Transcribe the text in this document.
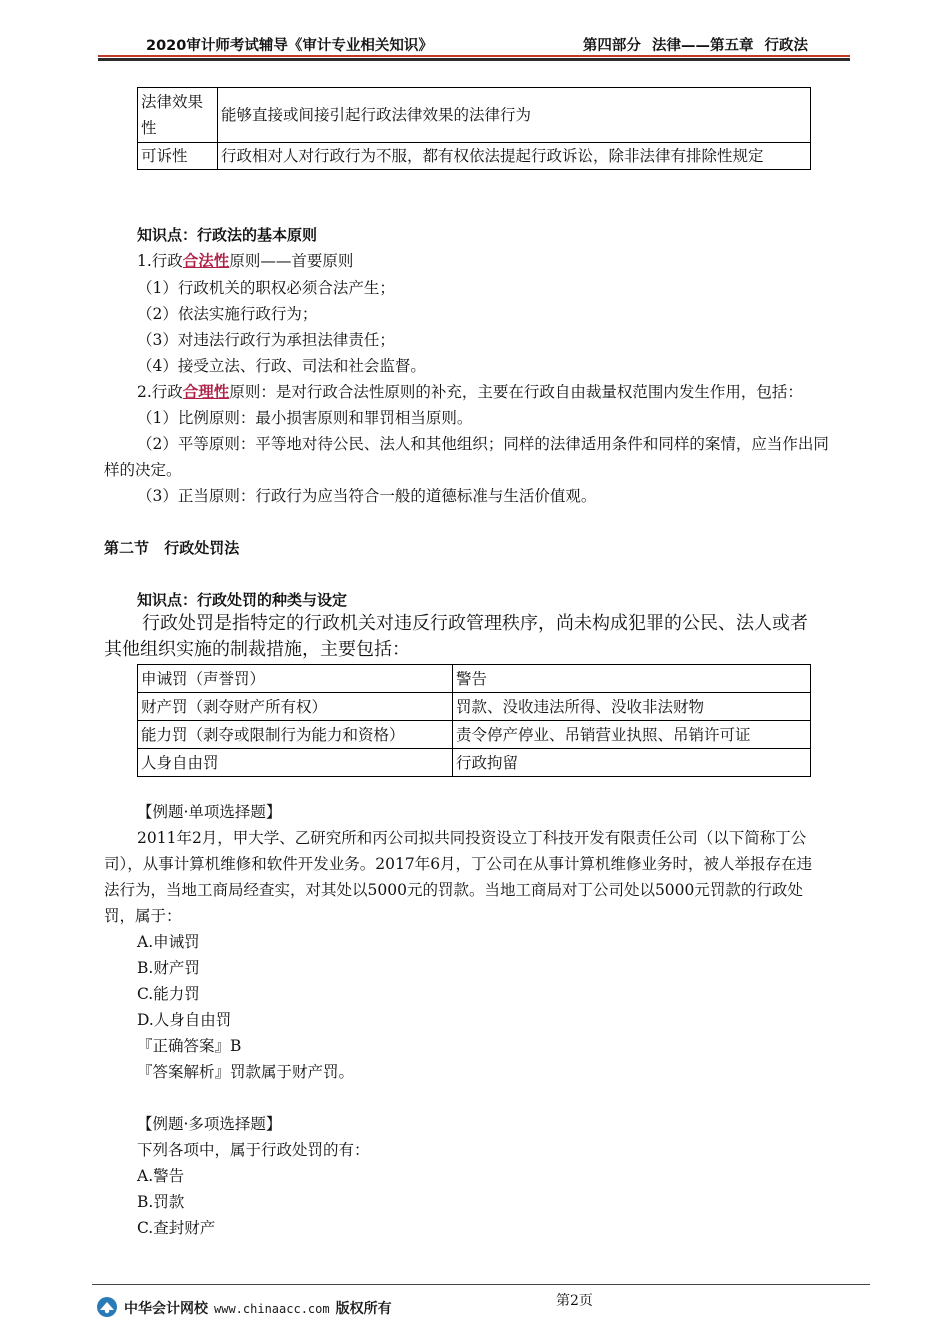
2020审计师考试辅导《审计专业相关知识》	第四部分 法律——第五章 行政法
法律效果
性	能够直接或间接引起行政法律效果的法律行为
可诉性	行政相对人对行政行为不服，都有权依法提起行政诉讼，除非法律有排除性规定
知识点：行政法的基本原则
1.行政合法性原则——首要原则
（1）行政机关的职权必须合法产生；
（2）依法实施行政行为；
（3）对违法行政行为承担法律责任；
（4）接受立法、行政、司法和社会监督。
2.行政合理性原则：是对行政合法性原则的补充，主要在行政自由裁量权范围内发生作用，包括：
（1）比例原则：最小损害原则和罪罚相当原则。
（2）平等原则：平等地对待公民、法人和其他组织；同样的法律适用条件和同样的案情，应当作出同
样的决定。
（3）正当原则：行政行为应当符合一般的道德标准与生活价值观。
第二节 行政处罚法
知识点：行政处罚的种类与设定
行政处罚是指特定的行政机关对违反行政管理秩序，尚未构成犯罪的公民、法人或者
其他组织实施的制裁措施，主要包括：
申诫罚（声誉罚）	警告
财产罚（剥夺财产所有权）	罚款、没收违法所得、没收非法财物
能力罚（剥夺或限制行为能力和资格）	责令停产停业、吊销营业执照、吊销许可证
人身自由罚	行政拘留
【例题·单项选择题】
2011年2月，甲大学、乙研究所和丙公司拟共同投资设立丁科技开发有限责任公司（以下简称丁公
司），从事计算机维修和软件开发业务。2017年6月，丁公司在从事计算机维修业务时，被人举报存在违
法行为，当地工商局经查实，对其处以5000元的罚款。当地工商局对丁公司处以5000元罚款的行政处
罚，属于：
A.申诫罚
B.财产罚
C.能力罚
D.人身自由罚
『正确答案』B
『答案解析』罚款属于财产罚。
【例题·多项选择题】
下列各项中，属于行政处罚的有：
A.警告
B.罚款
C.查封财产
第2页
中华会计网校 www.chinaacc.com 版权所有
